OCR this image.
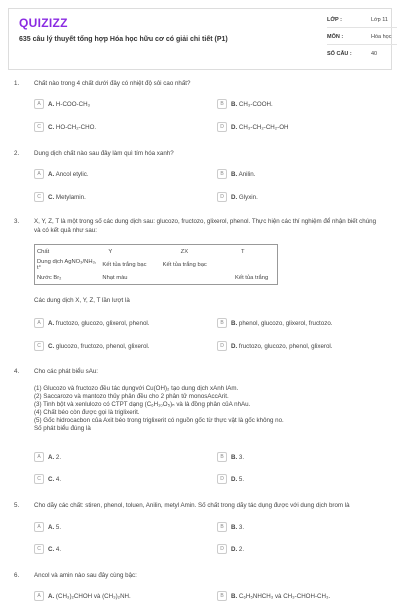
QUIZIZZ
635 câu lý thuyết tổng hợp Hóa học hữu cơ có giải chi tiết (P1)
LỚP :	Lớp 11
MÔN :	Hóa học
SỐ CÂU :	40
1. Chất nào trong 4 chất dưới đây có nhiệt độ sôi cao nhất?
A	A. H-COO-CH₃	B	B. CH₃-COOH.
C	C. HO-CH₂-CHO.	D	D. CH₃-CH₂-CH₂-OH
2. Dung dịch chất nào sau đây làm quì tím hóa xanh?
A	A. Ancol etylic.	B	B. Anilin.
C	C. Metylamin.	D	D. Glyxin.
3. X, Y, Z, T là một trong số các dung dịch sau: glucozo, fructozo, glixerol, phenol. Thực hiện các thí nghiệm để nhận biết chúng và có kết quả như sau:
Chất	Y	ZX	T
Dung dịch AgNO₃/NH₃, t°	Kết tủa trắng bạc	Kết tủa trắng bạc	
Nước Br₂	Nhạt màu		Kết tủa trắng
Các dung dịch X, Y, Z, T lần lượt là
A	A. fructozo, glucozo, glixerol, phenol.	B	B. phenol, glucozo, glixerol, fructozo.
C	C. glucozo, fructozo, phenol, glixerol.	D	D. fructozo, glucozo, phenol, glixerol.
4. Cho các phát biểu sAu:
(1) Glucozo và fructozo đều tác dụngvới Cu(OH)₂ tạo dung dịch xAnh lAm.
(2) Saccarozo và mantozo thủy phân đều cho 2 phân tử monosAccArit.
(3) Tinh bột và xenlulozo có CTPT dạng (C₆H₁₀O₅)ₙ và là đồng phân củA nhAu.
(4) Chất béo còn được gọi là triglixerit.
(5) Gốc hidrocacbon của Axit béo trong triglixerit có nguồn gốc từ thực vật là gốc không no.
Số phát biểu đúng là
A	A. 2.	B	B. 3.
C	C. 4.	D	D. 5.
5. Cho dãy các chất: stiren, phenol, toluen, Anilin, metyl Amin. Số chất trong dãy tác dụng được với dung dịch brom là
A	A. 5.	B	B. 3.
C	C. 4.	D	D. 2.
6. Ancol và amin nào sau đây cùng bậc:
A	A. (CH₃)₂CHOH và (CH₃)₂NH.	B	B. C₆H₅NHCH₃ và CH₃-CHOH-CH₃.
